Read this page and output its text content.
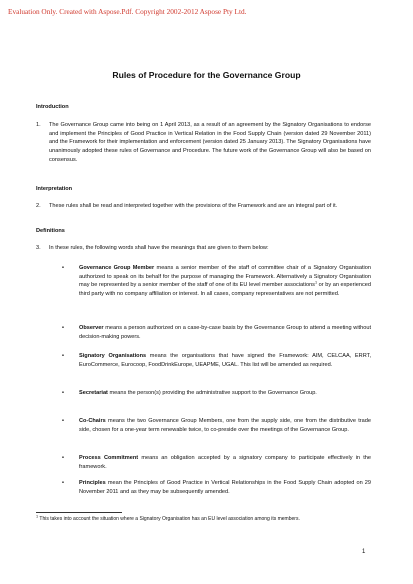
Evaluation Only. Created with Aspose.Pdf. Copyright 2002-2012 Aspose Pty Ltd.
Rules of Procedure for the Governance Group
Introduction
1. The Governance Group came into being on 1 April 2013, as a result of an agreement by the Signatory Organisations to endorse and implement the Principles of Good Practice in Vertical Relation in the Food Supply Chain (version dated 29 November 2011) and the Framework for their implementation and enforcement (version dated 25 January 2013). The Signatory Organisations have unanimously adopted these rules of Governance and Procedure. The future work of the Governance Group will also be based on consensus.
Interpretation
2. These rules shall be read and interpreted together with the provisions of the Framework and are an integral part of it.
Definitions
3. In these rules, the following words shall have the meanings that are given to them below:
•	Governance Group Member means a senior member of the staff of committee chair of a Signatory Organisation authorized to speak on its behalf for the purpose of managing the Framework. Alternatively a Signatory Organisation may be represented by a senior member of the staff of one of its EU level member associations$^1$ or by an experienced third party with no company affiliation or interest. In all cases, company representatives are not permitted.
•	Observer means a person authorized on a case-by-case basis by the Governance Group to attend a meeting without decision-making powers.
•	Signatory Organisations means the organisations that have signed the Framework: AIM, CELCAA, ERRT, EuroCommerce, Eurocoop, FoodDrinkEurope, UEAPME, UGAL. This list will be amended as required.
•	Secretariat means the person(s) providing the administrative support to the Governance Group.
•	Co-Chairs means the two Governance Group Members, one from the supply side, one from the distributive trade side, chosen for a one-year term renewable twice, to co-preside over the meetings of the Governance Group.
•	Process Commitment means an obligation accepted by a signatory company to participate effectively in the framework.
•	Principles mean the Principles of Good Practice in Vertical Relationships in the Food Supply Chain adopted on 29 November 2011 and as they may be subsequently amended.
$^1$ This takes into account the situation where a Signatory Organisation has an EU level association among its members.
1
